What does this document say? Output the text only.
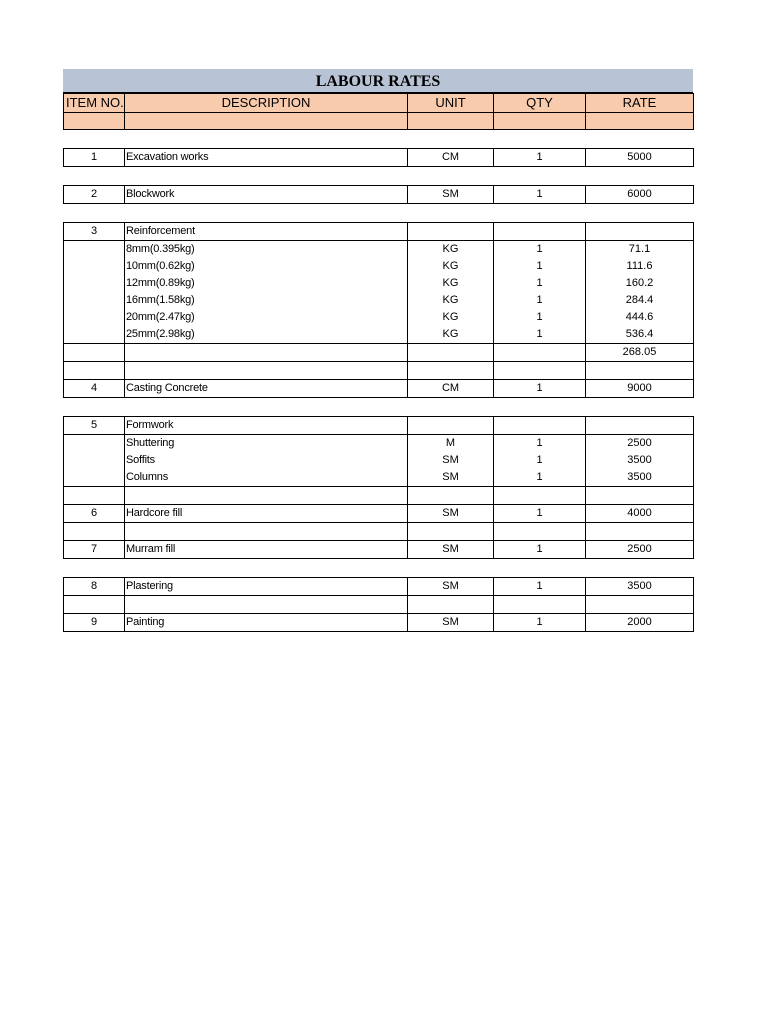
LABOUR RATES
ITEM NO.	DESCRIPTION	UNIT	QTY	RATE

1	Excavation works	CM	1	5000

2	Blockwork	SM	1	6000

3	Reinforcement			
	8mm(0.395kg)	KG	1	71.1
	10mm(0.62kg)	KG	1	111.6
	12mm(0.89kg)	KG	1	160.2
	16mm(1.58kg)	KG	1	284.4
	20mm(2.47kg)	KG	1	444.6
	25mm(2.98kg)	KG	1	536.4
				268.05

4	Casting Concrete	CM	1	9000

5	Formwork			
	Shuttering	M	1	2500
	Soffits	SM	1	3500
	Columns	SM	1	3500

6	Hardcore fill	SM	1	4000

7	Murram fill	SM	1	2500

8	Plastering	SM	1	3500

9	Painting	SM	1	2000
